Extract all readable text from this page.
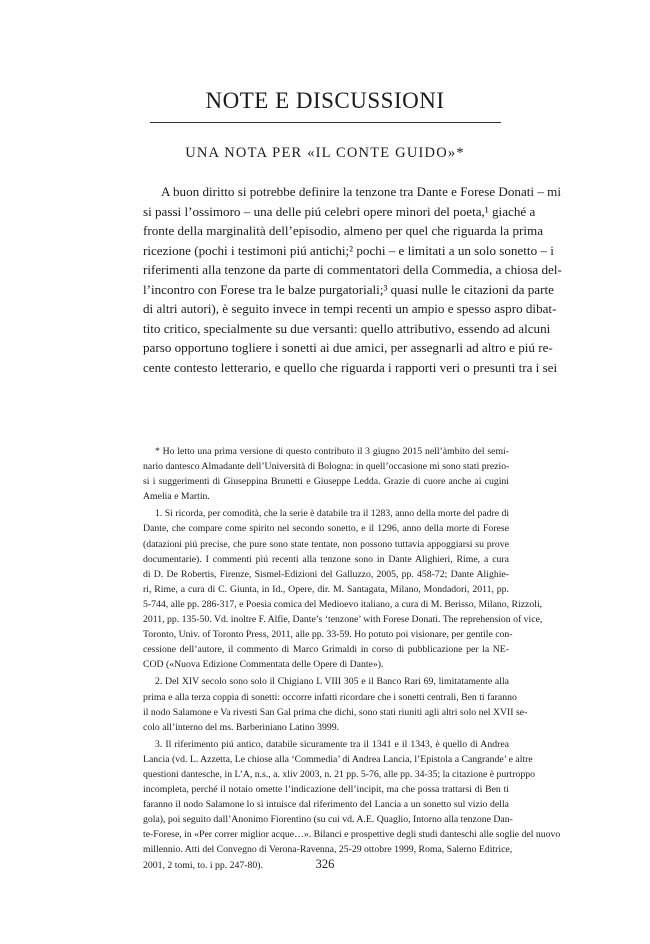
NOTE E DISCUSSIONI
UNA NOTA PER «IL CONTE GUIDO»*
A buon diritto si potrebbe definire la tenzone tra Dante e Forese Donati – mi
si passi l’ossimoro – una delle piú celebri opere minori del poeta,¹ giaché a
fronte della marginalità dell’episodio, almeno per quel che riguarda la prima
ricezione (pochi i testimoni piú antichi;² pochi – e limitati a un solo sonetto – i
riferimenti alla tenzone da parte di commentatori della Commedia, a chiosa del-
l’incontro con Forese tra le balze purgatoriali;³ quasi nulle le citazioni da parte
di altri autori), è seguito invece in tempi recenti un ampio e spesso aspro dibat-
tito critico, specialmente su due versanti: quello attributivo, essendo ad alcuni
parso opportuno togliere i sonetti ai due amici, per assegnarli ad altro e piú re-
cente contesto letterario, e quello che riguarda i rapporti veri o presunti tra i sei
* Ho letto una prima versione di questo contributo il 3 giugno 2015 nell’àmbito del semi-
nario dantesco Almadante dell’Università di Bologna: in quell’occasione mi sono stati prezio-
si i suggerimenti di Giuseppina Brunetti e Giuseppe Ledda. Grazie di cuore anche ai cugini
Amelia e Martin.
1. Si ricorda, per comodità, che la serie è databile tra il 1283, anno della morte del padre di
Dante, che compare come spirito nel secondo sonetto, e il 1296, anno della morte di Forese
(datazioni piú precise, che pure sono state tentate, non possono tuttavia appoggiarsi su prove
documentarie). I commenti piú recenti alla tenzone sono in Dante Alighieri, Rime, a cura
di D. De Robertis, Firenze, Sismel-Edizioni del Galluzzo, 2005, pp. 458-72; Dante Alighie-
ri, Rime, a cura di C. Giunta, in Id., Opere, dir. M. Santagata, Milano, Mondadori, 2011, pp.
5-744, alle pp. 286-317, e Poesia comica del Medioevo italiano, a cura di M. Berisso, Milano, Rizzoli,
2011, pp. 135-50. Vd. inoltre F. Alfie, Dante’s ‘tenzone’ with Forese Donati. The reprehension of vice,
Toronto, Univ. of Toronto Press, 2011, alle pp. 33-59. Ho potuto poi visionare, per gentile con-
cessione dell’autore, il commento di Marco Grimaldi in corso di pubblicazione per la NE-
COD («Nuova Edizione Commentata delle Opere di Dante»).
2. Del XIV secolo sono solo il Chigiano L VIII 305 e il Banco Rari 69, limitatamente alla
prima e alla terza coppia di sonetti: occorre infatti ricordare che i sonetti centrali, Ben ti faranno
il nodo Salamone e Va rivesti San Gal prima che dichi, sono stati riuniti agli altri solo nel XVII se-
colo all’interno del ms. Barberiniano Latino 3999.
3. Il riferimento piú antico, databile sicuramente tra il 1341 e il 1343, è quello di Andrea
Lancia (vd. L. Azzetta, Le chiose alla ‘Commedia’ di Andrea Lancia, l’Epistola a Cangrande’ e altre
questioni dantesche, in L’A, n.s., a. xliv 2003, n. 21 pp. 5-76, alle pp. 34-35; la citazione è purtroppo
incompleta, perché il notaio omette l’indicazione dell’incipit, ma che possa trattarsi di Ben ti
faranno il nodo Salamone lo si intuisce dal riferimento del Lancia a un sonetto sul vizio della
gola), poi seguito dall’Anonimo Fiorentino (su cui vd. A.E. Quaglio, Intorno alla tenzone Dan-
te-Forese, in «Per correr miglior acque…». Bilanci e prospettive degli studi danteschi alle soglie del nuovo
millennio. Atti del Convegno di Verona-Ravenna, 25-29 ottobre 1999, Roma, Salerno Editrice,
2001, 2 tomi, to. i pp. 247-80).	326
